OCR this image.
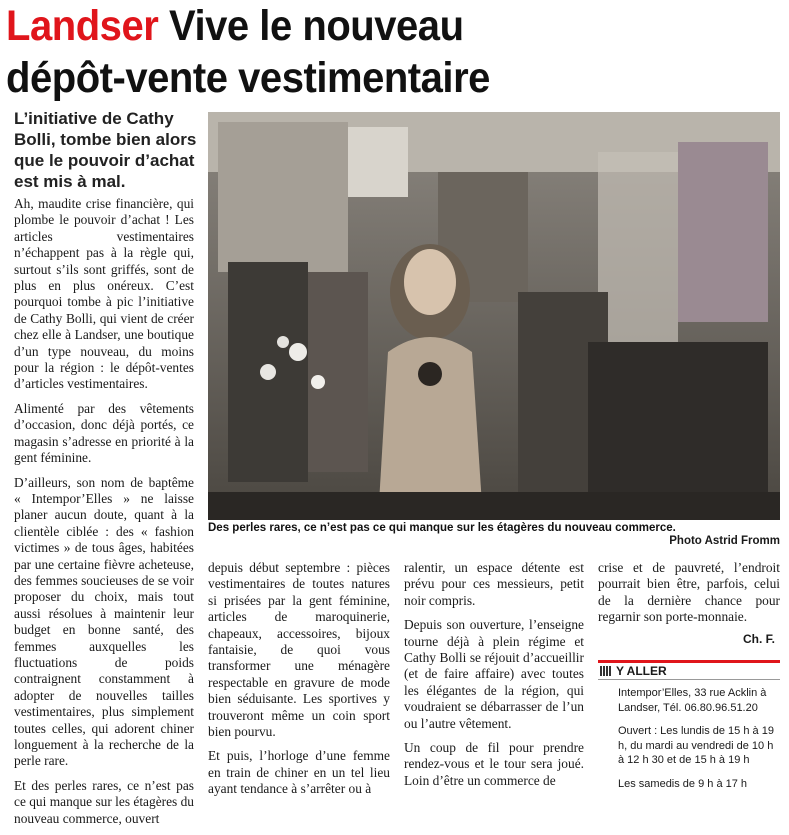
Landser Vive le nouveau
dépôt-vente vestimentaire
L’initiative de Cathy Bolli, tombe bien alors que le pouvoir d’achat est mis à mal.

Ah, maudite crise financière, qui plombe le pouvoir d’achat ! Les articles vestimentaires n’échappent pas à la règle qui, surtout s’ils sont griffés, sont de plus en plus onéreux. C’est pourquoi tombe à pic l’initiative de Cathy Bolli, qui vient de créer chez elle à Landser, une boutique d’un type nouveau, du moins pour la région : le dépôt-ventes d’articles vestimentaires.

Alimenté par des vêtements d’occasion, donc déjà portés, ce magasin s’adresse en priorité à la gent féminine.

D’ailleurs, son nom de baptême « Intempor’Elles » ne laisse planer aucun doute, quant à la clientèle ciblée : des « fashion victimes » de tous âges, habitées par une certaine fièvre acheteuse, des femmes soucieuses de se voir proposer du choix, mais tout aussi résolues à maintenir leur budget en bonne santé, des femmes auxquelles les fluctuations de poids contraignent constamment à adopter de nouvelles tailles vestimentaires, plus simplement toutes celles, qui adorent chiner longuement à la recherche de la perle rare.

Et des perles rares, ce n’est pas ce qui manque sur les étagères du nouveau commerce, ouvert

Des perles rares, ce n’est pas ce qui manque sur les étagères du nouveau commerce.
Photo Astrid Fromm

depuis début septembre : pièces vestimentaires de toutes natures si prisées par la gent féminine, articles de maroquinerie, chapeaux, accessoires, bijoux fantaisie, de quoi vous transformer une ménagère respectable en gravure de mode bien séduisante. Les sportives y trouveront même un coin sport bien pourvu.

Et puis, l’horloge d’une femme en train de chiner en un tel lieu ayant tendance à s’arrêter ou à

ralentir, un espace détente est prévu pour ces messieurs, petit noir compris.

Depuis son ouverture, l’enseigne tourne déjà à plein régime et Cathy Bolli se réjouit d’accueillir (et de faire affaire) avec toutes les élégantes de la région, qui voudraient se débarrasser de l’un ou l’autre vêtement.

Un coup de fil pour prendre rendez-vous et le tour sera joué. Loin d’être un commerce de

crise et de pauvreté, l’endroit pourrait bien être, parfois, celui de la dernière chance pour regarnir son porte-monnaie.

Ch. F.
Y ALLER

Intempor’Elles, 33 rue Acklin à Landser, Tél. 06.80.96.51.20

Ouvert : Les lundis de 15 h à 19 h, du mardi au vendredi de 10 h à 12 h 30 et de 15 h à 19 h

Les samedis de 9 h à 17 h
